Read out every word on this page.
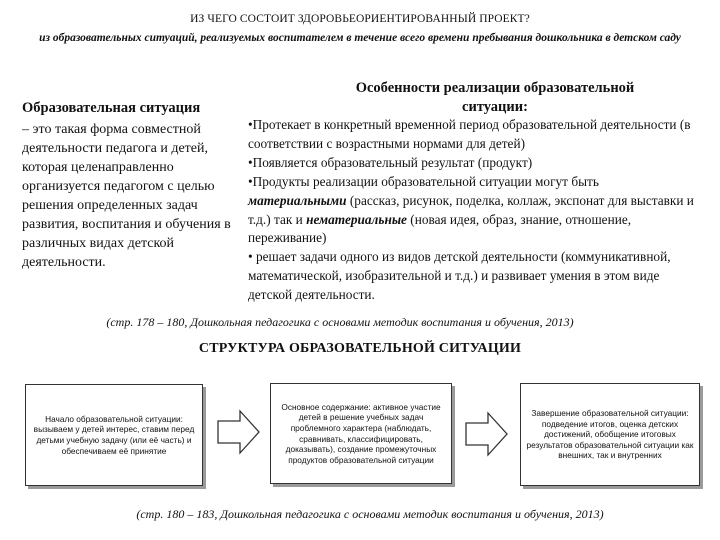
ИЗ ЧЕГО СОСТОИТ ЗДОРОВЬЕОРИЕНТИРОВАННЫЙ ПРОЕКТ?
из образовательных ситуаций, реализуемых воспитателем в течение всего времени пребывания дошкольника в детском саду
Образовательная ситуация
– это такая форма совместной деятельности педагога и детей, которая целенаправленно организуется педагогом с целью решения определенных задач развития, воспитания и обучения в различных видах детской деятельности.
Особенности реализации образовательной ситуации:

•Протекает в конкретный временной период образовательной деятельности (в соответствии с возрастными нормами для детей)

•Появляется образовательный результат (продукт)

•Продукты реализации образовательной ситуации могут быть материальными (рассказ, рисунок, поделка, коллаж, экспонат для выставки и т.д.) так и нематериальные (новая идея, образ, знание, отношение, переживание)

• решает задачи одного из видов детской деятельности (коммуникативной, математической, изобразительной и т.д.) и развивает умения в этом виде детской деятельности.

(стр. 178 – 180, Дошкольная педагогика с основами методик воспитания и обучения, 2013)
СТРУКТУРА ОБРАЗОВАТЕЛЬНОЙ СИТУАЦИИ
Начало образовательной ситуации: вызываем у детей интерес, ставим перед детьми учебную задачу (или её часть) и обеспечиваем её принятие
Основное содержание: активное участие детей в решение учебных задач проблемного характера (наблюдать, сравнивать, классифицировать, доказывать), создание промежуточных продуктов образовательной ситуации
Завершение образовательной ситуации: подведение итогов, оценка детских достижений, обобщение итоговых результатов образовательной ситуации как внешних, так и внутренних
(стр. 180 – 183, Дошкольная педагогика с основами методик воспитания и обучения, 2013)
